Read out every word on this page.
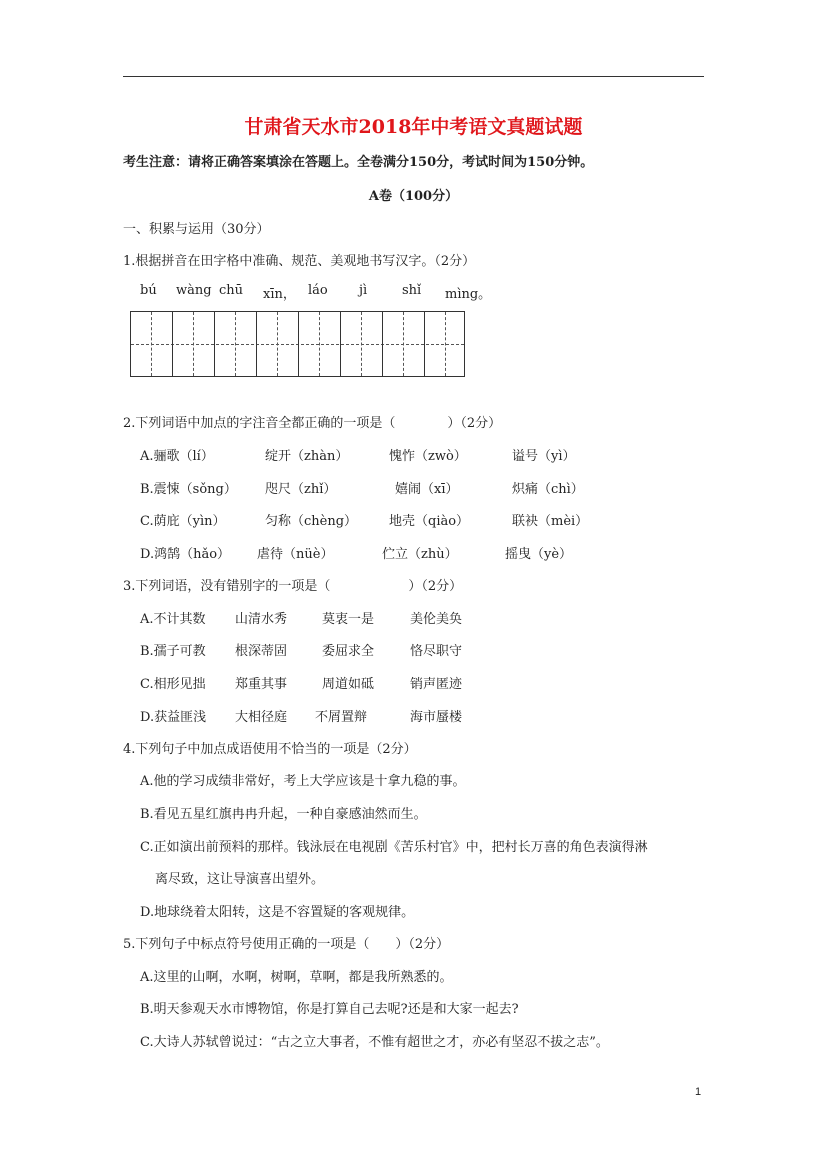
甘肃省天水市2018年中考语文真题试题
考生注意：请将正确答案填涂在答题上。全卷满分150分，考试时间为150分钟。
A卷（100分）
一、积累与运用（30分）
1.根据拼音在田字格中准确、规范、美观地书写汉字。（2分）
bú wàng chū xīn， láo jì	shǐ mìng。
2.下列词语中加点的字注音全都正确的一项是（　　　　）（2分）
A.骊歌（lí）	绽开（zhàn）	愧怍（zwò）	谥号（yì）
B.震悚（sǒng） 咫尺（zhǐ）	嬉闹（xī）	炽痛（chì）
C.荫庇（yìn）	匀称（chèng） 地壳（qiào）	联袂（mèi）
D.鸿鹄（hǎo） 虐待（nüè）	伫立（zhù）	摇曳（yè）
3.下列词语，没有错别字的一项是（　　　　　　）（2分）
A.不计其数 山清水秀	莫衷一是	美伦美奂
B.孺子可教 根深蒂固	委屈求全	恪尽职守
C.相形见拙 郑重其事	周道如砥	销声匿迹
D.获益匪浅 大相径庭 不屑置辩	海市蜃楼
4.下列句子中加点成语使用不恰当的一项是（2分）
A.他的学习成绩非常好，考上大学应该是十拿九稳的事。
B.看见五星红旗冉冉升起，一种自豪感油然而生。
C.正如演出前预料的那样。钱泳辰在电视剧《苦乐村官》中，把村长万喜的角色表演得淋
离尽致，这让导演喜出望外。
D.地球绕着太阳转，这是不容置疑的客观规律。
5.下列句子中标点符号使用正确的一项是（　　）（2分）
A.这里的山啊，水啊，树啊，草啊，都是我所熟悉的。
B.明天参观天水市博物馆，你是打算自己去呢?还是和大家一起去?
C.大诗人苏轼曾说过：“古之立大事者，不惟有超世之才，亦必有坚忍不拔之志”。
1
